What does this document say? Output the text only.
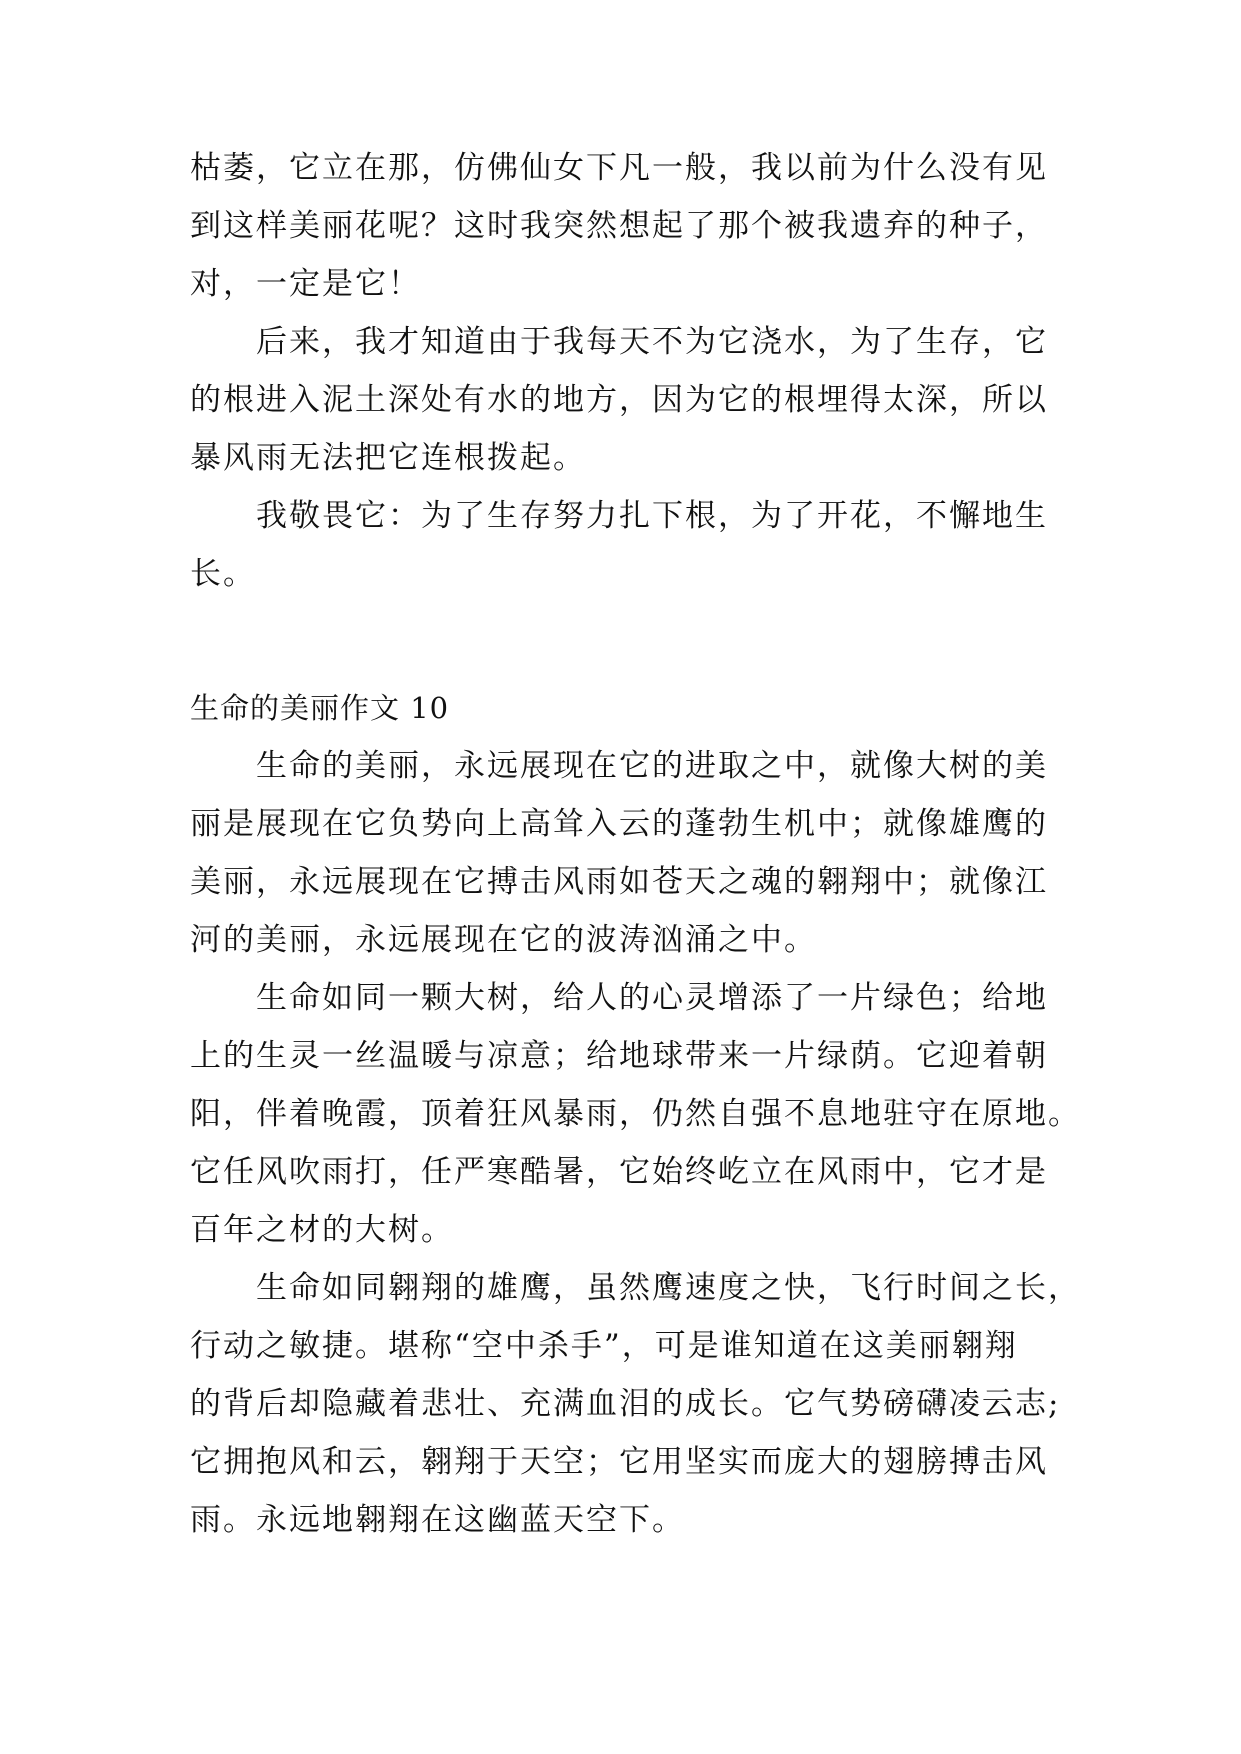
枯萎，它立在那，仿佛仙女下凡一般，我以前为什么没有见
到这样美丽花呢？这时我突然想起了那个被我遗弃的种子，
对，一定是它！

后来，我才知道由于我每天不为它浇水，为了生存，它
的根进入泥土深处有水的地方，因为它的根埋得太深，所以
暴风雨无法把它连根拨起。

我敬畏它：为了生存努力扎下根，为了开花，不懈地生
长。

生命的美丽作文 10

生命的美丽，永远展现在它的进取之中，就像大树的美
丽是展现在它负势向上高耸入云的蓬勃生机中；就像雄鹰的
美丽，永远展现在它搏击风雨如苍天之魂的翱翔中；就像江
河的美丽，永远展现在它的波涛汹涌之中。

生命如同一颗大树，给人的心灵增添了一片绿色；给地
上的生灵一丝温暖与凉意；给地球带来一片绿荫。它迎着朝
阳，伴着晚霞，顶着狂风暴雨，仍然自强不息地驻守在原地。
它任风吹雨打，任严寒酷暑，它始终屹立在风雨中，它才是
百年之材的大树。

生命如同翱翔的雄鹰，虽然鹰速度之快，飞行时间之长，
行动之敏捷。堪称“空中杀手”，可是谁知道在这美丽翱翔
的背后却隐藏着悲壮、充满血泪的成长。它气势磅礴凌云志;
它拥抱风和云，翱翔于天空；它用坚实而庞大的翅膀搏击风
雨。永远地翱翔在这幽蓝天空下。
